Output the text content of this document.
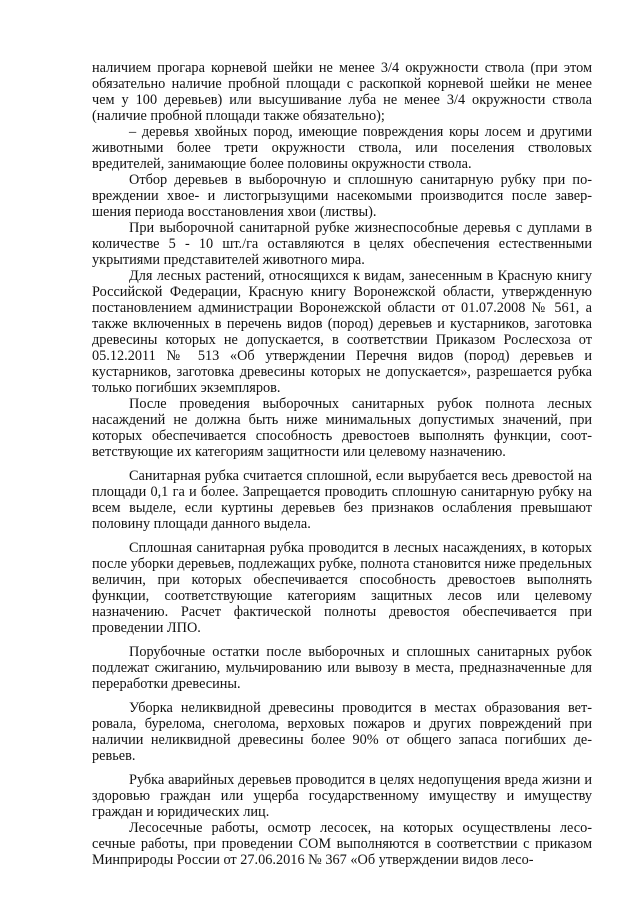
наличием прогара корневой шейки не менее 3/4 окружности ствола (при этом обязательно наличие пробной площади с раскопкой корневой шейки не менее чем у 100 деревьев) или высушивание луба не менее 3/4 окружности ствола (наличие пробной площади также обязательно);

– деревья хвойных пород, имеющие повреждения коры лосем и другими животными более трети окружности ствола, или поселения стволовых вредителей, занимающие более половины окружности ствола.

Отбор деревьев в выборочную и сплошную санитарную рубку при повреждении хвое- и листогрызущими насекомыми производится после завершения периода восстановления хвои (листвы).

При выборочной санитарной рубке жизнеспособные деревья с дуплами в количестве 5 - 10 шт./га оставляются в целях обеспечения естественными укрытиями представителей животного мира.

Для лесных растений, относящихся к видам, занесенным в Красную книгу Российской Федерации, Красную книгу Воронежской области, утвержденную постановлением администрации Воронежской области от 01.07.2008 № 561, а также включенных в перечень видов (пород) деревьев и кустарников, заготовка древесины которых не допускается, в соответствии Приказом Рослесхоза от 05.12.2011 № 513 «Об утверждении Перечня видов (пород) деревьев и кустарников, заготовка древесины которых не допускается», разрешается рубка только погибших экземпляров.

После проведения выборочных санитарных рубок полнота лесных насаждений не должна быть ниже минимальных допустимых значений, при которых обеспечивается способность древостоев выполнять функции, соответствующие их категориям защитности или целевому назначению.

Санитарная рубка считается сплошной, если вырубается весь древостой на площади 0,1 га и более. Запрещается проводить сплошную санитарную рубку на всем выделе, если куртины деревьев без признаков ослабления превышают половину площади данного выдела.

Сплошная санитарная рубка проводится в лесных насаждениях, в которых после уборки деревьев, подлежащих рубке, полнота становится ниже предельных величин, при которых обеспечивается способность древостоев выполнять функции, соответствующие категориям защитных лесов или целевому назначению. Расчет фактической полноты древостоя обеспечивается при проведении ЛПО.

Порубочные остатки после выборочных и сплошных санитарных рубок подлежат сжиганию, мульчированию или вывозу в места, предназначенные для переработки древесины.

Уборка неликвидной древесины проводится в местах образования ветровала, бурелома, снеголома, верховых пожаров и других повреждений при наличии неликвидной древесины более 90% от общего запаса погибших деревьев.

Рубка аварийных деревьев проводится в целях недопущения вреда жизни и здоровью граждан или ущерба государственному имуществу и имуществу граждан и юридических лиц.

Лесосечные работы, осмотр лесосек, на которых осуществлены лесосечные работы, при проведении СОМ выполняются в соответствии с приказом Минприроды России от 27.06.2016 № 367 «Об утверждении видов лесо-
